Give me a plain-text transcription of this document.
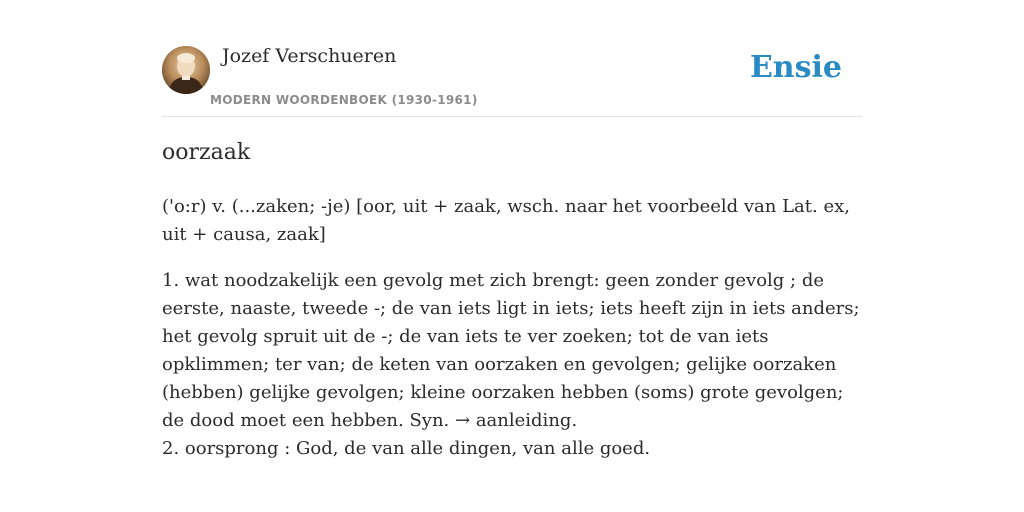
Jozef Verschueren
MODERN WOORDENBOEK (1930-1961)
Ensie
oorzaak
('o:r) v. (...zaken; -je) [oor, uit + zaak, wsch. naar het voorbeeld van Lat. ex, uit + causa, zaak]

1. wat noodzakelijk een gevolg met zich brengt: geen zonder gevolg ; de eerste, naaste, tweede -; de van iets ligt in iets; iets heeft zijn in iets anders; het gevolg spruit uit de -; de van iets te ver zoeken; tot de van iets opklimmen; ter van; de keten van oorzaken en gevolgen; gelijke oorzaken (hebben) gelijke gevolgen; kleine oorzaken hebben (soms) grote gevolgen; de dood moet een hebben. Syn. → aanleiding.

2. oorsprong : God, de van alle dingen, van alle goed.
